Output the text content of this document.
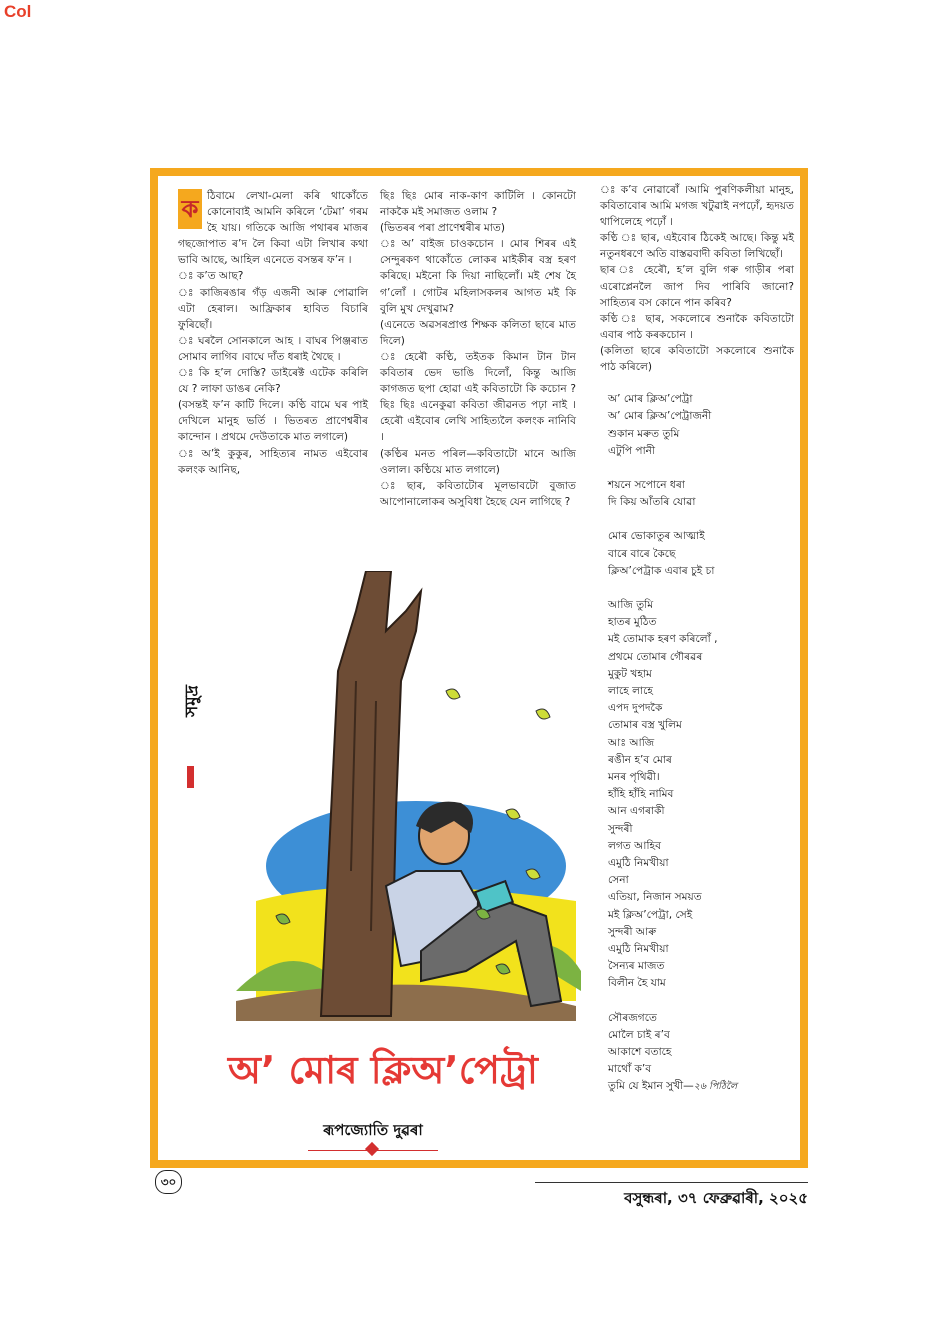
Col

ক ঠিবামে লেখা-মেলা কৰি থাকোঁতে কোনোবাই আমনি কৰিলে ‘টেমা’ গৰম হৈ যায়। গতিকে আজি পথাৰৰ মাজৰ গছজোপাত ৰ’দ লৈ কিবা এটা লিখাৰ কথা ভাবি আছে, আহিল এনেতে বসন্তৰ ফ’ন ।

ঃ ক’ত আছ?

ঃ কাজিৰঙাৰ গঁড় এজনী আৰু পোৱালি এটা হেৰাল। আফ্ৰিকাৰ হাবিত বিচাৰি ফুৰিছোঁ।

ঃ ঘৰলৈ সোনকালে আহ । বাঘৰ পিঞ্জৰাত সোমাব লাগিব ।বাঘে দাঁত ধৰাই থৈছে ।

ঃ কি হ’ল দোস্তি? ডাইৰেক্ট এটেক কৰিলি যে ? লাফা ডাঙৰ নেকি?

(বসন্তই ফ’ন কাটি দিলে। কণ্ঠি বামে ঘৰ পাই দেখিলে মানুহ ভৰ্তি । ভিতৰত প্ৰাণেশ্বৰীৰ কান্দোন । প্ৰথমে দেউতাকে মাত লগালে)

ঃ অ’ই কুকুৰ, সাহিত্যৰ নামত এইবোৰ কলংক আনিছ,

ছিঃ ছিঃ মোৰ নাক-কাণ কাটিলি । কোনটো নাককৈ মই সমাজত ওলাম ?

(ভিতৰৰ পৰা প্ৰাণেশ্বৰীৰ মাত)

ঃ অ’ বাইজ চাওকচোন । মোৰ শিৰৰ এই সেন্দুৰকণ থাকোঁতে লোকৰ মাইকীৰ বস্ত্ৰ হৰণ কৰিছে। মইনো কি দিয়া নাছিলোঁ। মই শেষ হৈ গ’লোঁ । গোটৰ মহিলাসকলৰ আগত মই কি বুলি মুখ দেখুৱাম?

(এনেতে অৱসৰপ্ৰাপ্ত শিক্ষক কলিতা ছাৰে মাত দিলে)

ঃ হেৰৌ কণ্ঠি, তইতক কিমান টান টান কবিতাৰ ভেদ ভাঙি দিলোঁ, কিন্তু আজি কাগজত ছপা হোৱা এই কবিতাটো কি কচোন ? ছিঃ ছিঃ এনেকুৱা কবিতা জীৱনত পঢ়া নাই । হেৰৌ এইবোৰ লেখি সাহিত্যলৈ কলংক নানিবি ।

(কণ্ঠিৰ মনত পৰিল—কবিতাটো মানে আজি ওলাল। কণ্ঠিয়ে মাত লগালে)

ঃ ছাৰ, কবিতাটোৰ মূলভাবটো বুজাত আপোনালোকৰ অসুবিধা হৈছে যেন লাগিছে ?

ঃ ক’ব নোৱাৰোঁ ।আমি পুৰণিকলীয়া মানুহ, কবিতাবোৰ আমি মগজ খটুৱাই নপঢ়োঁ, হৃদয়ত থাপিলেহে পঢ়োঁ ।

কণ্ঠি ঃ ছাৰ, এইবোৰ ঠিকেই আছে। কিন্তু মই নতুনধৰণে অতি বাস্তৱবাদী কবিতা লিখিছোঁ।

ছাৰ ঃ হেৰৌ, হ’ল বুলি গৰু গাড়ীৰ পৰা এৰোপ্লেনলৈ জাপ দিব পাৰিবি জানো? সাহিত্যৰ বস কোনে পান কৰিব?

কণ্ঠি ঃ ছাৰ, সকলোৰে শুনাকৈ কবিতাটো এবাৰ পাঠ কৰকচোন ।

(কলিতা ছাৰে কবিতাটো সকলোৰে শুনাকৈ পাঠ কৰিলে)

অ’ মোৰ ক্লিঅ’পেট্ৰা
অ’ মোৰ ক্লিঅ’পেট্ৰাজনী
শুকান মৰুত তুমি
এটুপি পানী
শয়নে সপোনে ধৰা
দি কিয় আঁতৰি যোৱা
মোৰ ভোকাতুৰ আত্মাই
বাৰে বাৰে কৈছে
ক্লিঅ’পেট্ৰাক এবাৰ চুই চা
আজি তুমি
হাতৰ মুঠিত
মই তোমাক হৰণ কৰিলোঁ ,
প্ৰথমে তোমাৰ গৌৰৱৰ
মুকুট খহাম
লাহে লাহে
এপদ দুপদকৈ
তোমাৰ বস্ত্ৰ খুলিম
আঃ আজি
ৰঙীন হ’ব মোৰ
মনৰ পৃথিৱী।
হাঁহি হাঁহি নামিব
আন এগৰাকী
সুন্দৰী
লগত আহিব
এমুঠি নিমখীয়া
সেনা
এতিয়া, নিজান সময়ত
মই ক্লিঅ’পেট্ৰা, সেই
সুন্দৰী আৰু
এমুঠি নিমখীয়া
সৈন্যৰ মাজত
বিলীন হৈ যাম
সৌৰজগতে
মোলৈ চাই ৰ’ব
আকাশে বতাহে
মাথোঁ ক’ব
তুমি যে ইমান সুখী—২৬ পিঠিলৈ
সমুদ্ৰ
অ’ মোৰ ক্লিঅ’পেট্ৰা
ৰূপজ্যোতি দুৱৰা
৩০
বসুন্ধৰা, ৩৭ ফেব্ৰুৱাৰী, ২০২৫
